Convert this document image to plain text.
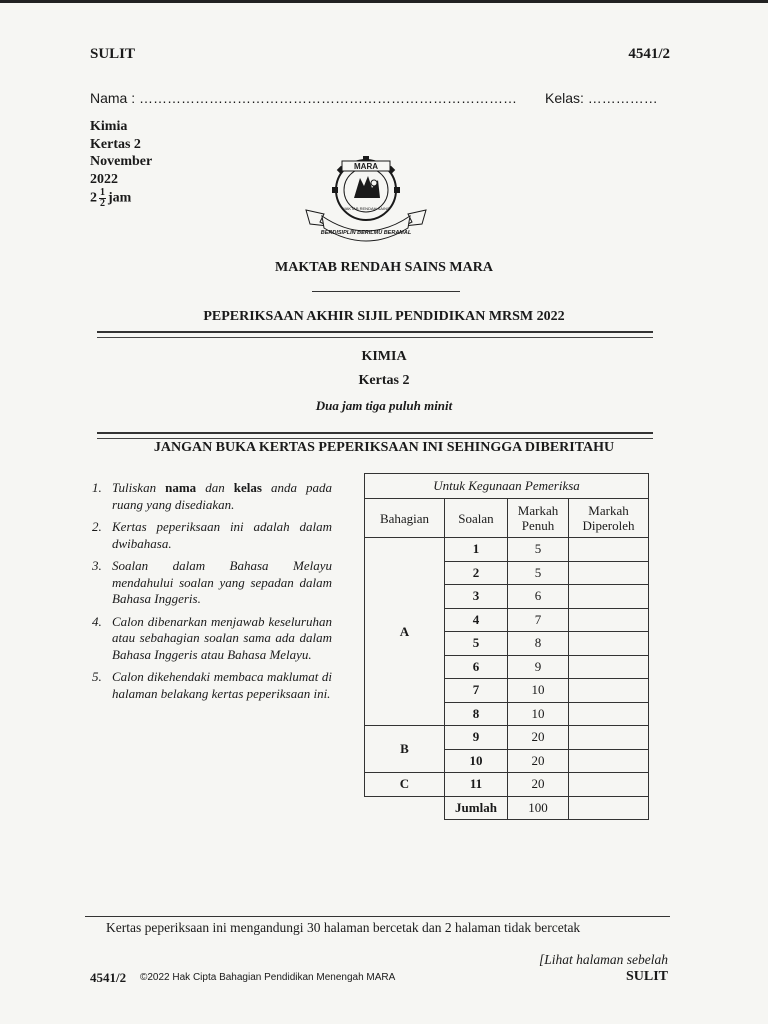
SULIT	4541/2
Nama : ……………………………………………………………………… Kelas: ……………
Kimia
Kertas 2
November
2022
$2 \frac{1}{2}$ jam
MARA
MAKTAB RENDAH SAINS
BERDISIPLIN BERILMU BERAMAL
MAKTAB RENDAH SAINS MARA
PEPERIKSAAN AKHIR SIJIL PENDIDIKAN MRSM 2022
KIMIA
Kertas 2
Dua jam tiga puluh minit
JANGAN BUKA KERTAS PEPERIKSAAN INI SEHINGGA DIBERITAHU
1. Tuliskan nama dan kelas anda pada ruang yang disediakan.
2. Kertas peperiksaan ini adalah dalam dwibahasa.
3. Soalan dalam Bahasa Melayu mendahului soalan yang sepadan dalam Bahasa Inggeris.
4. Calon dibenarkan menjawab keseluruhan atau sebahagian soalan sama ada dalam Bahasa Inggeris atau Bahasa Melayu.
5. Calon dikehendaki membaca maklumat di halaman belakang kertas peperiksaan ini.
Untuk Kegunaan Pemeriksa			
Bahagian	Soalan	Markah Penuh	Markah Diperoleh
A	1	5	
	2	5	
	3	6	
	4	7	
	5	8	
	6	9	
	7	10	
	8	10	
B	9	20	
	10	20	
C	11	20	
	Jumlah	100	
Kertas peperiksaan ini mengandungi 30 halaman bercetak dan 2 halaman tidak bercetak
[Lihat halaman sebelah
4541/2 ©2022 Hak Cipta Bahagian Pendidikan Menengah MARA	SULIT
